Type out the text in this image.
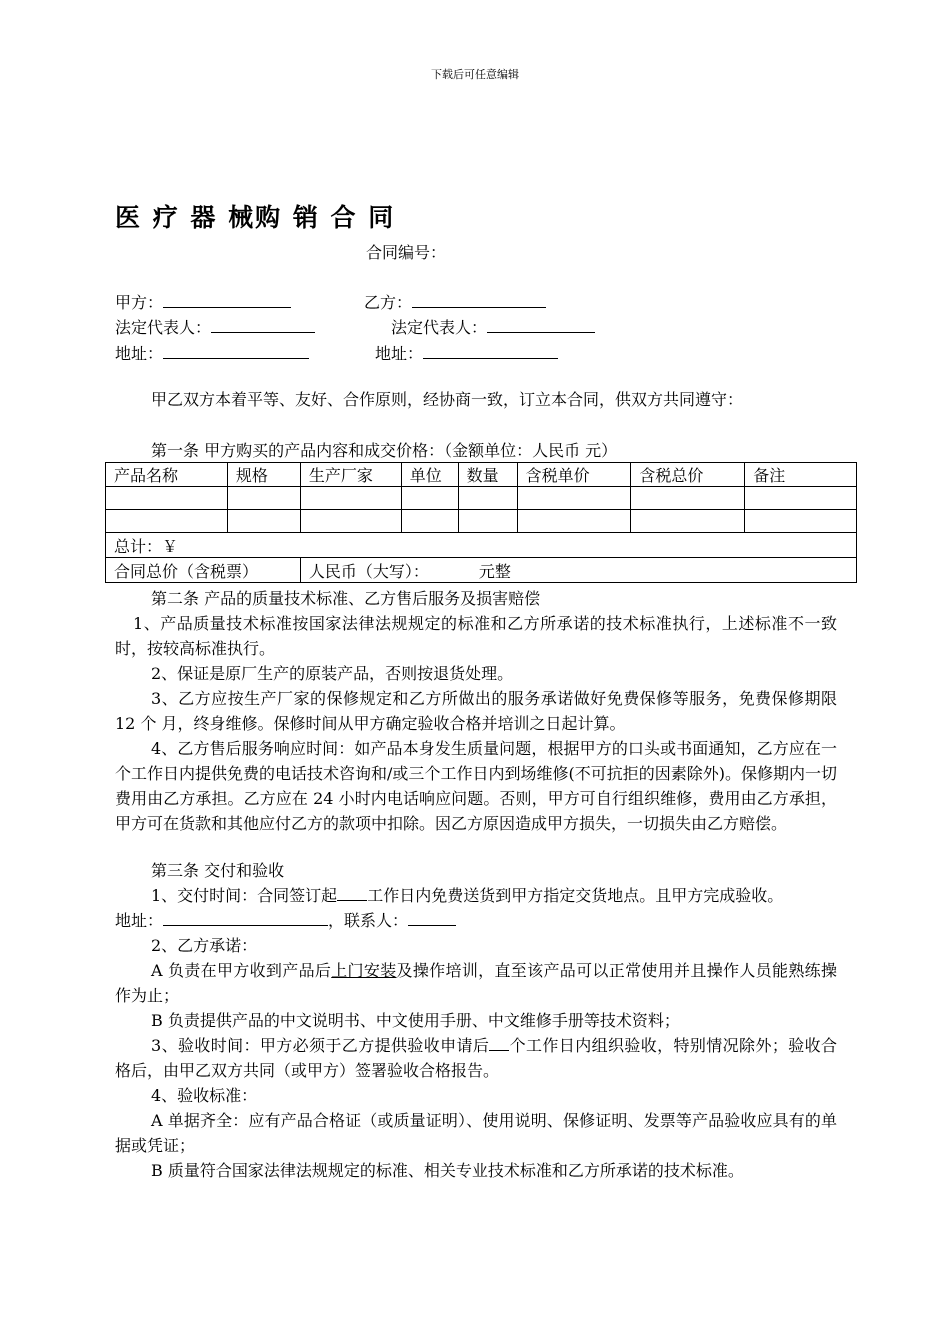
下载后可任意编辑
医 疗 器 械购 销 合 同
合同编号：
甲方：	乙方：
法定代表人：	法定代表人：
地址：	地址：
甲乙双方本着平等、友好、合作原则，经协商一致，订立本合同，供双方共同遵守：
第一条 甲方购买的产品内容和成交价格：（金额单位：人民币 元）
产品名称	规格	生产厂家	单位	数量	含税单价	含税总价	备注

总计：￥							
合同总价（含税票）		人民币（大写）： 元整					
第二条 产品的质量技术标准、乙方售后服务及损害赔偿
1、产品质量技术标准按国家法律法规规定的标准和乙方所承诺的技术标准执行，上述标准不一致时，按较高标准执行。
2、保证是原厂生产的原装产品，否则按退货处理。
3、乙方应按生产厂家的保修规定和乙方所做出的服务承诺做好免费保修等服务，免费保修期限 12 个 月，终身维修。保修时间从甲方确定验收合格并培训之日起计算。
4、乙方售后服务响应时间：如产品本身发生质量问题，根据甲方的口头或书面通知，乙方应在一个工作日内提供免费的电话技术咨询和/或三个工作日内到场维修(不可抗拒的因素除外)。保修期内一切费用由乙方承担。乙方应在 24 小时内电话响应问题。否则，甲方可自行组织维修，费用由乙方承担，甲方可在货款和其他应付乙方的款项中扣除。因乙方原因造成甲方损失，一切损失由乙方赔偿。
第三条 交付和验收
1、交付时间：合同签订起 工作日内免费送货到甲方指定交货地点。且甲方完成验收。
地址：	，联系人：
2、乙方承诺：
A 负责在甲方收到产品后上门安装及操作培训，直至该产品可以正常使用并且操作人员能熟练操作为止；
B 负责提供产品的中文说明书、中文使用手册、中文维修手册等技术资料；
3、验收时间：甲方必须于乙方提供验收申请后 个工作日内组织验收，特别情况除外；验收合格后，由甲乙双方共同（或甲方）签署验收合格报告。
4、验收标准：
A 单据齐全：应有产品合格证（或质量证明）、使用说明、保修证明、发票等产品验收应具有的单据或凭证；
B 质量符合国家法律法规规定的标准、相关专业技术标准和乙方所承诺的技术标准。
